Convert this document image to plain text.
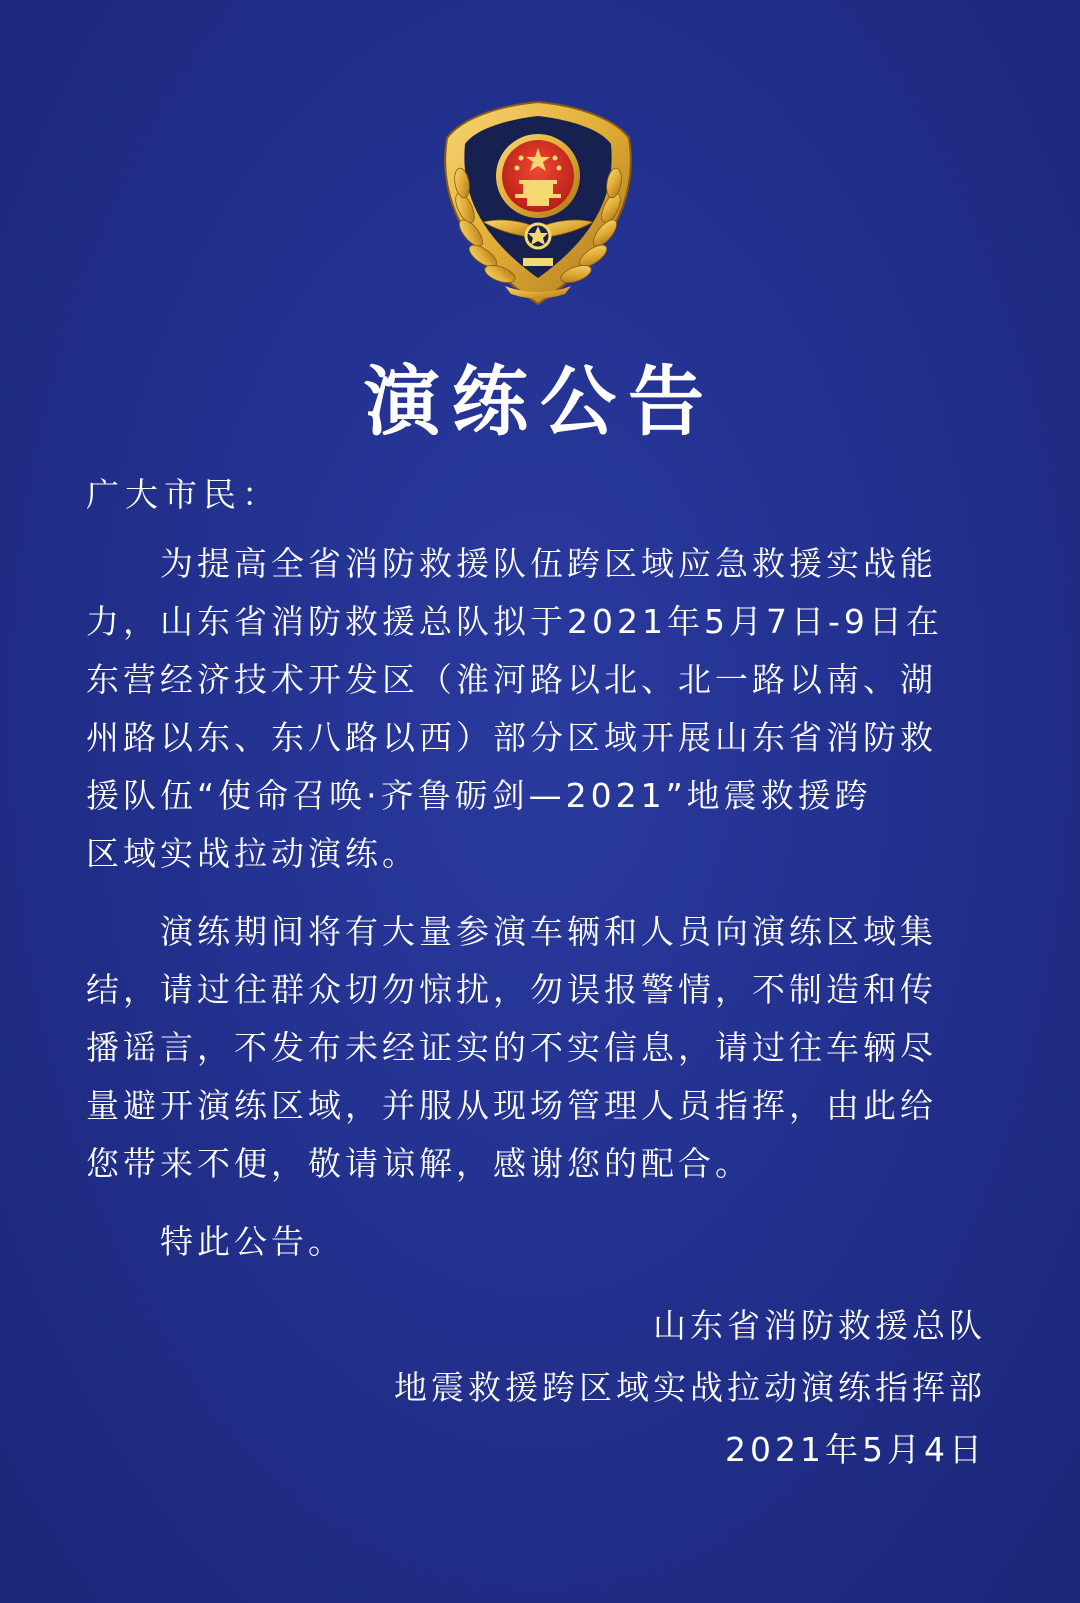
演练公告
广大市民：
　　为提高全省消防救援队伍跨区域应急救援实战能
力，山东省消防救援总队拟于2021年5月7日-9日在
东营经济技术开发区（淮河路以北、北一路以南、湖
州路以东、东八路以西）部分区域开展山东省消防救
援队伍“使命召唤·齐鲁砺剑—2021”地震救援跨
区域实战拉动演练。
　　演练期间将有大量参演车辆和人员向演练区域集
结，请过往群众切勿惊扰，勿误报警情，不制造和传
播谣言，不发布未经证实的不实信息，请过往车辆尽
量避开演练区域，并服从现场管理人员指挥，由此给
您带来不便，敬请谅解，感谢您的配合。
特此公告。
山东省消防救援总队
地震救援跨区域实战拉动演练指挥部
2021年5月4日
